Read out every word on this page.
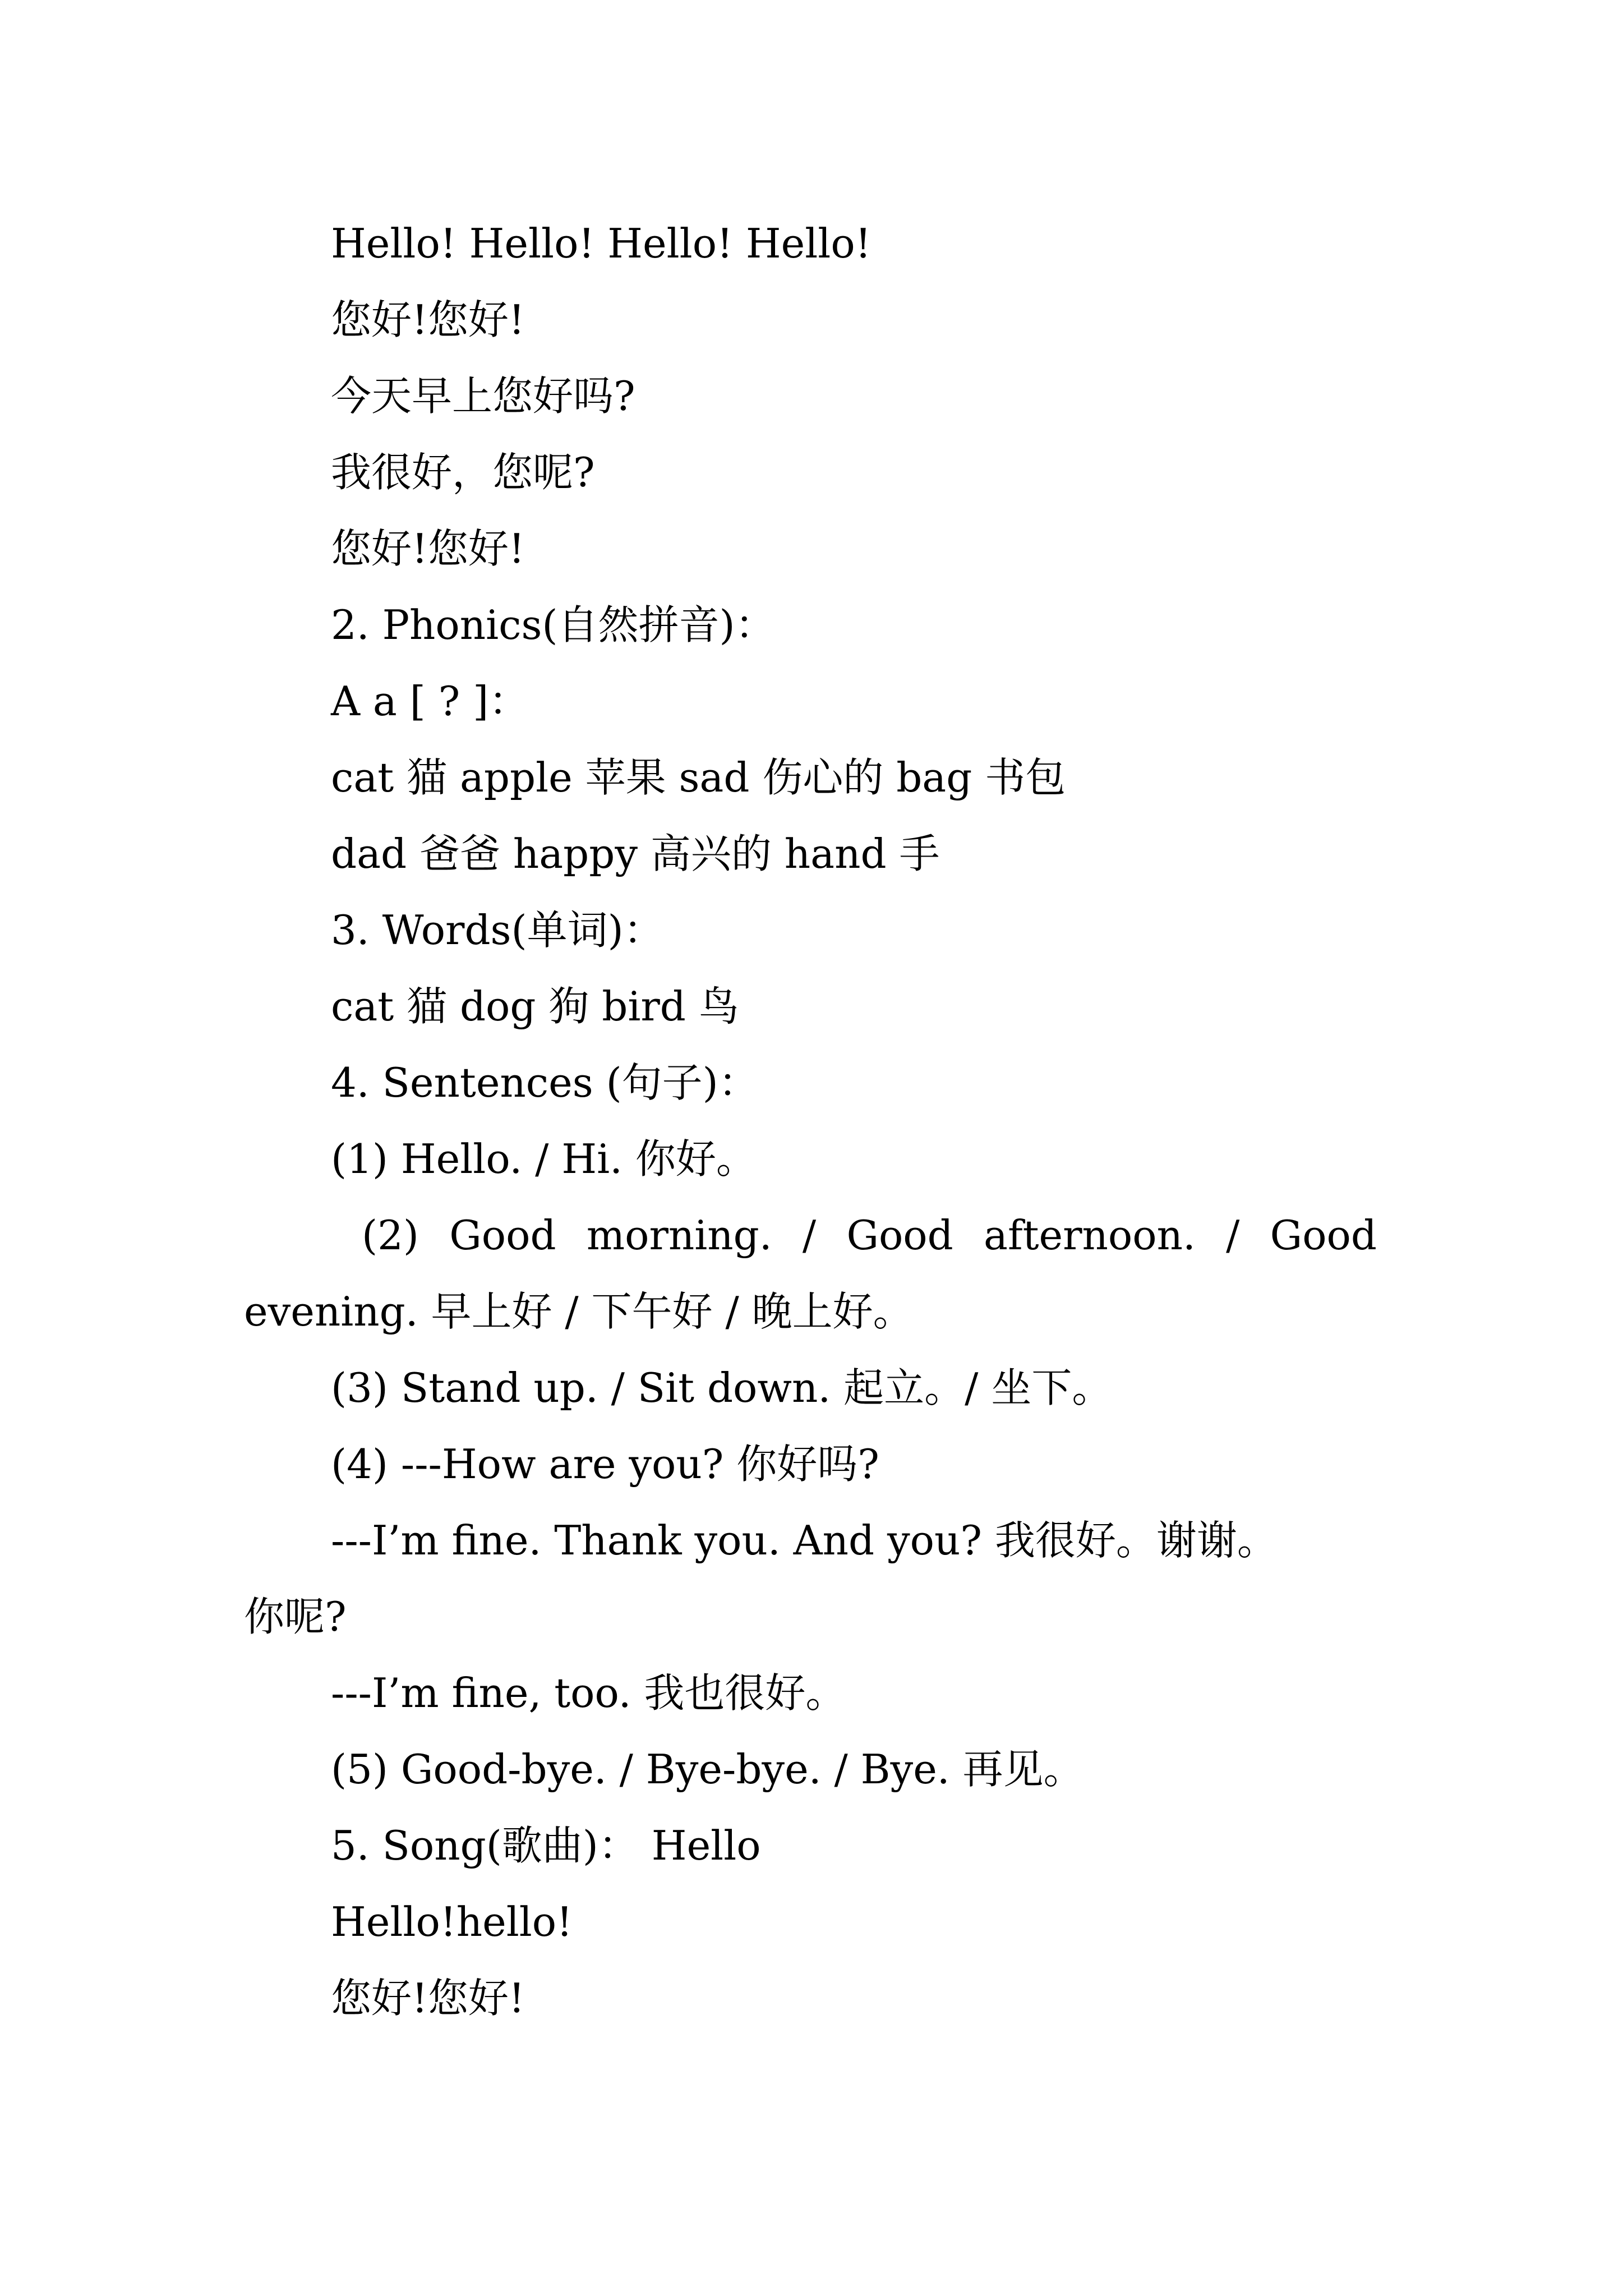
Hello! Hello! Hello! Hello!
您好!您好!
今天早上您好吗?
我很好，您呢?
您好!您好!
2. Phonics(自然拼音)：
A a [ ? ]：
cat 猫 apple 苹果 sad 伤心的 bag 书包
dad 爸爸 happy 高兴的 hand 手
3. Words(单词)：
cat 猫 dog 狗 bird 鸟
4. Sentences (句子)：
(1) Hello. / Hi. 你好。
(2) Good morning. / Good afternoon. / Good
evening. 早上好 / 下午好 / 晚上好。
(3) Stand up. / Sit down. 起立。/ 坐下。
(4) ---How are you? 你好吗?
---I’m fine. Thank you. And you? 我很好。谢谢。
你呢?
---I’m fine, too. 我也很好。
(5) Good-bye. / Bye-bye. / Bye. 再见。
5. Song(歌曲)： Hello
Hello!hello!
您好!您好!
